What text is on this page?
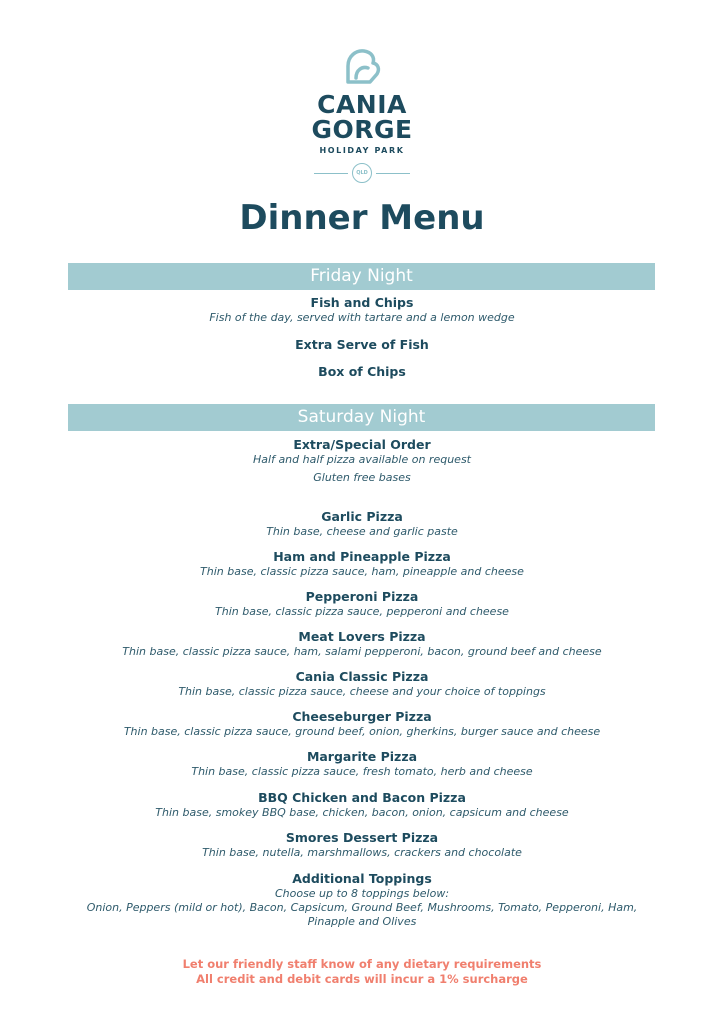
CANIA
GORGE
HOLIDAY PARK
QLD
Dinner Menu
Friday Night
Fish and Chips
Fish of the day, served with tartare and a lemon wedge
Extra Serve of Fish
Box of Chips
Saturday Night
Extra/Special Order
Half and half pizza available on request
Gluten free bases
Garlic Pizza
Thin base, cheese and garlic paste
Ham and Pineapple Pizza
Thin base, classic pizza sauce, ham, pineapple and cheese
Pepperoni Pizza
Thin base, classic pizza sauce, pepperoni and cheese
Meat Lovers Pizza
Thin base, classic pizza sauce, ham, salami pepperoni, bacon, ground beef and cheese
Cania Classic Pizza
Thin base, classic pizza sauce, cheese and your choice of toppings
Cheeseburger Pizza
Thin base, classic pizza sauce, ground beef, onion, gherkins, burger sauce and cheese
Margarite Pizza
Thin base, classic pizza sauce, fresh tomato, herb and cheese
BBQ Chicken and Bacon Pizza
Thin base, smokey BBQ base, chicken, bacon, onion, capsicum and cheese
Smores Dessert Pizza
Thin base, nutella, marshmallows, crackers and chocolate
Additional Toppings
Choose up to 8 toppings below:
Onion, Peppers (mild or hot), Bacon, Capsicum, Ground Beef, Mushrooms, Tomato, Pepperoni, Ham,
Pinapple and Olives
Let our friendly staff know of any dietary requirements
All credit and debit cards will incur a 1% surcharge
